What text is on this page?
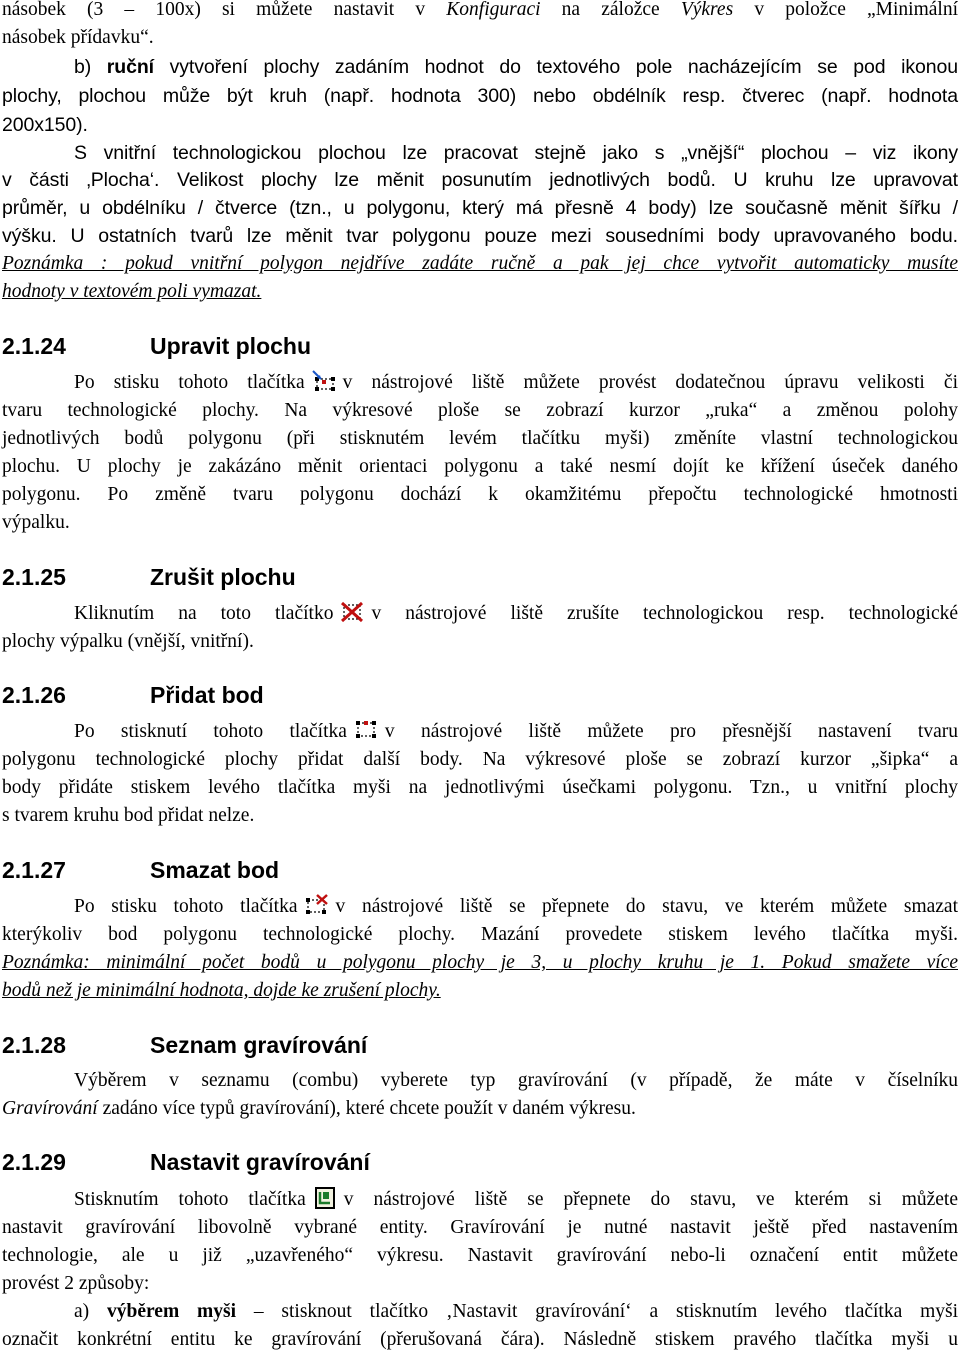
násobek (3 – 100x) si můžete nastavit v Konfiguraci na záložce Výkres v položce „Minimální
násobek přídavku“.
b) ruční vytvoření plochy zadáním hodnot do textového pole nacházejícím se pod ikonou
plochy, plochou může být kruh (např. hodnota 300) nebo obdélník resp. čtverec (např. hodnota
200x150).
S vnitřní technologickou plochou lze pracovat stejně jako s „vnější“ plochou – viz ikony
v části ‚Plocha‘. Velikost plochy lze měnit posunutím jednotlivých bodů. U kruhu lze upravovat
průměr, u obdélníku / čtverce (tzn., u polygonu, který má přesně 4 body) lze současně měnit šířku /
výšku. U ostatních tvarů lze měnit tvar polygonu pouze mezi sousedními body upravovaného bodu.
Poznámka : pokud vnitřní polygon nejdříve zadáte ručně a pak jej chce vytvořit automaticky musíte
hodnoty v textovém poli vymazat.
2.1.24	Upravit plochu
Po stisku tohoto tlačítka v nástrojové liště můžete provést dodatečnou úpravu velikosti či
tvaru technologické plochy. Na výkresové ploše se zobrazí kurzor „ruka“ a změnou polohy
jednotlivých bodů polygonu (při stisknutém levém tlačítku myši) změníte vlastní technologickou
plochu. U plochy je zakázáno měnit orientaci polygonu a také nesmí dojít ke křížení úseček daného
polygonu. Po změně tvaru polygonu dochází k okamžitému přepočtu technologické hmotnosti
výpalku.
2.1.25	Zrušit plochu
Kliknutím na toto tlačítko v nástrojové liště zrušíte technologickou resp. technologické
plochy výpalku (vnější, vnitřní).
2.1.26	Přidat bod
Po stisknutí tohoto tlačítka v nástrojové liště můžete pro přesnější nastavení tvaru
polygonu technologické plochy přidat další body. Na výkresové ploše se zobrazí kurzor „šipka“ a
body přidáte stiskem levého tlačítka myši na jednotlivými úsečkami polygonu. Tzn., u vnitřní plochy
s tvarem kruhu bod přidat nelze.
2.1.27	Smazat bod
Po stisku tohoto tlačítka v nástrojové liště se přepnete do stavu, ve kterém můžete smazat
kterýkoliv bod polygonu technologické plochy. Mazání provedete stiskem levého tlačítka myši.
Poznámka: minimální počet bodů u polygonu plochy je 3, u plochy kruhu je 1. Pokud smažete více
bodů než je minimální hodnota, dojde ke zrušení plochy.
2.1.28	Seznam gravírování
Výběrem v seznamu (combu) vyberete typ gravírování (v případě, že máte v číselníku
Gravírování zadáno více typů gravírování), které chcete použít v daném výkresu.
2.1.29	Nastavit gravírování
Stisknutím tohoto tlačítka v nástrojové liště se přepnete do stavu, ve kterém si můžete
nastavit gravírování libovolně vybrané entity. Gravírování je nutné nastavit ještě před nastavením
technologie, ale u již „uzavřeného“ výkresu. Nastavit gravírování nebo-li označení entit můžete
provést 2 způsoby:
a) výběrem myši – stisknout tlačítko ‚Nastavit gravírování‘ a stisknutím levého tlačítka myši
označit konkrétní entitu ke gravírování (přerušovaná čára). Následně stiskem pravého tlačítka myši u
